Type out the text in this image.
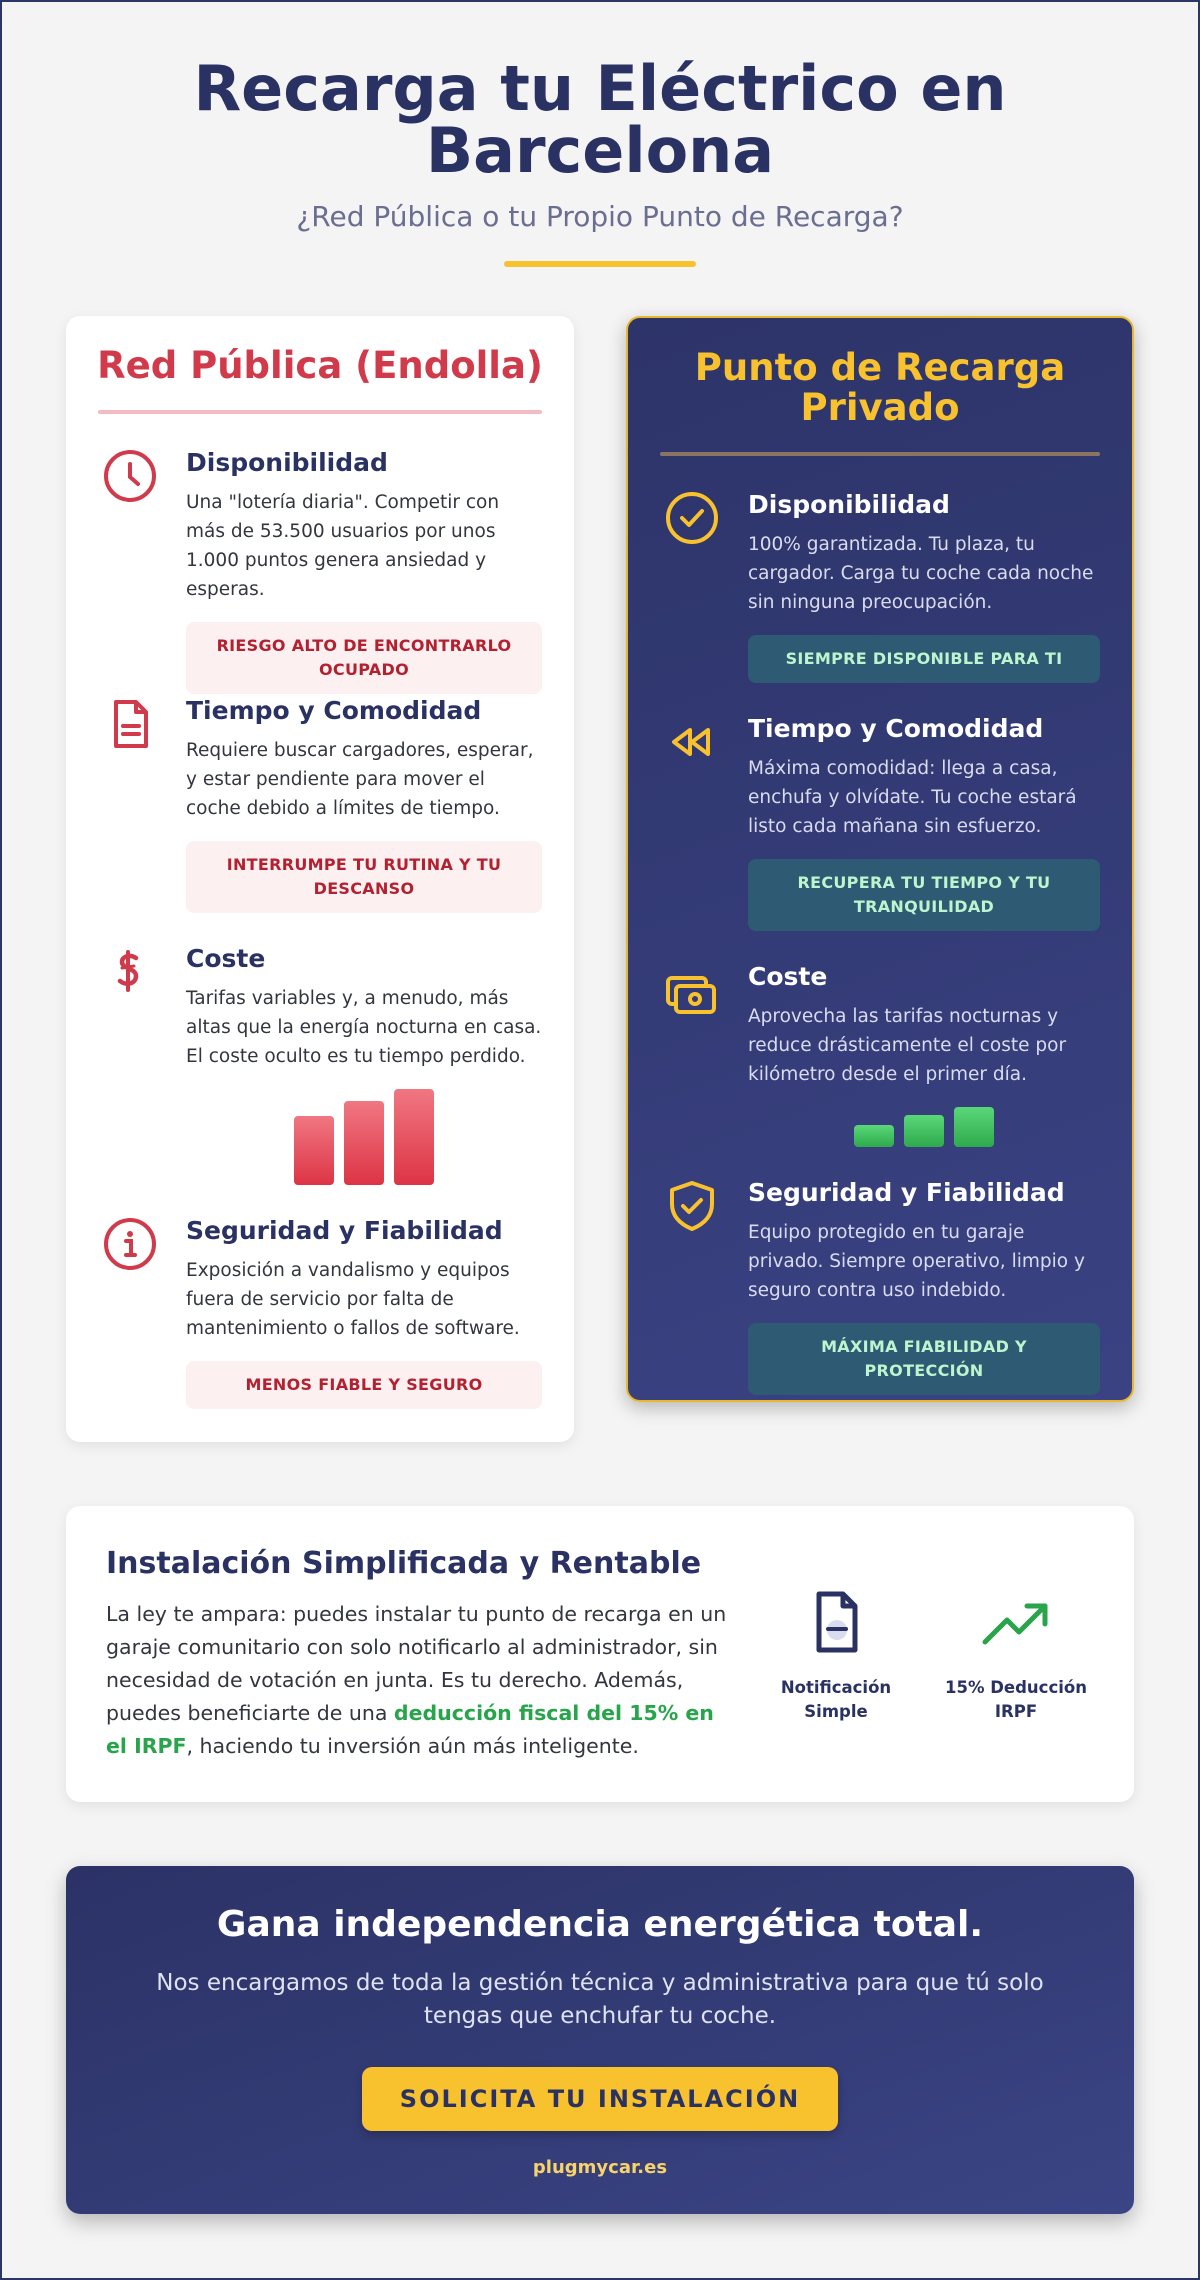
Recarga tu Eléctrico en Barcelona
¿Red Pública o tu Propio Punto de Recarga?
Red Pública (Endolla)
Disponibilidad
Una "lotería diaria". Competir con más de 53.500 usuarios por unos 1.000 puntos genera ansiedad y esperas.
RIESGO ALTO DE ENCONTRARLO OCUPADO
Tiempo y Comodidad
Requiere buscar cargadores, esperar, y estar pendiente para mover el coche debido a límites de tiempo.
INTERRUMPE TU RUTINA Y TU DESCANSO
Coste
Tarifas variables y, a menudo, más altas que la energía nocturna en casa. El coste oculto es tu tiempo perdido.
Seguridad y Fiabilidad
Exposición a vandalismo y equipos fuera de servicio por falta de mantenimiento o fallos de software.
MENOS FIABLE Y SEGURO
Punto de Recarga Privado
Disponibilidad
100% garantizada. Tu plaza, tu cargador. Carga tu coche cada noche sin ninguna preocupación.
SIEMPRE DISPONIBLE PARA TI
Tiempo y Comodidad
Máxima comodidad: llega a casa, enchufa y olvídate. Tu coche estará listo cada mañana sin esfuerzo.
RECUPERA TU TIEMPO Y TU TRANQUILIDAD
Coste
Aprovecha las tarifas nocturnas y reduce drásticamente el coste por kilómetro desde el primer día.
Seguridad y Fiabilidad
Equipo protegido en tu garaje privado. Siempre operativo, limpio y seguro contra uso indebido.
MÁXIMA FIABILIDAD Y PROTECCIÓN
Instalación Simplificada y Rentable
La ley te ampara: puedes instalar tu punto de recarga en un garaje comunitario con solo notificarlo al administrador, sin necesidad de votación en junta. Es tu derecho. Además, puedes beneficiarte de una deducción fiscal del 15% en el IRPF, haciendo tu inversión aún más inteligente.
Notificación Simple
15% Deducción IRPF
Gana independencia energética total.
Nos encargamos de toda la gestión técnica y administrativa para que tú solo tengas que enchufar tu coche.
SOLICITA TU INSTALACIÓN
plugmycar.es
